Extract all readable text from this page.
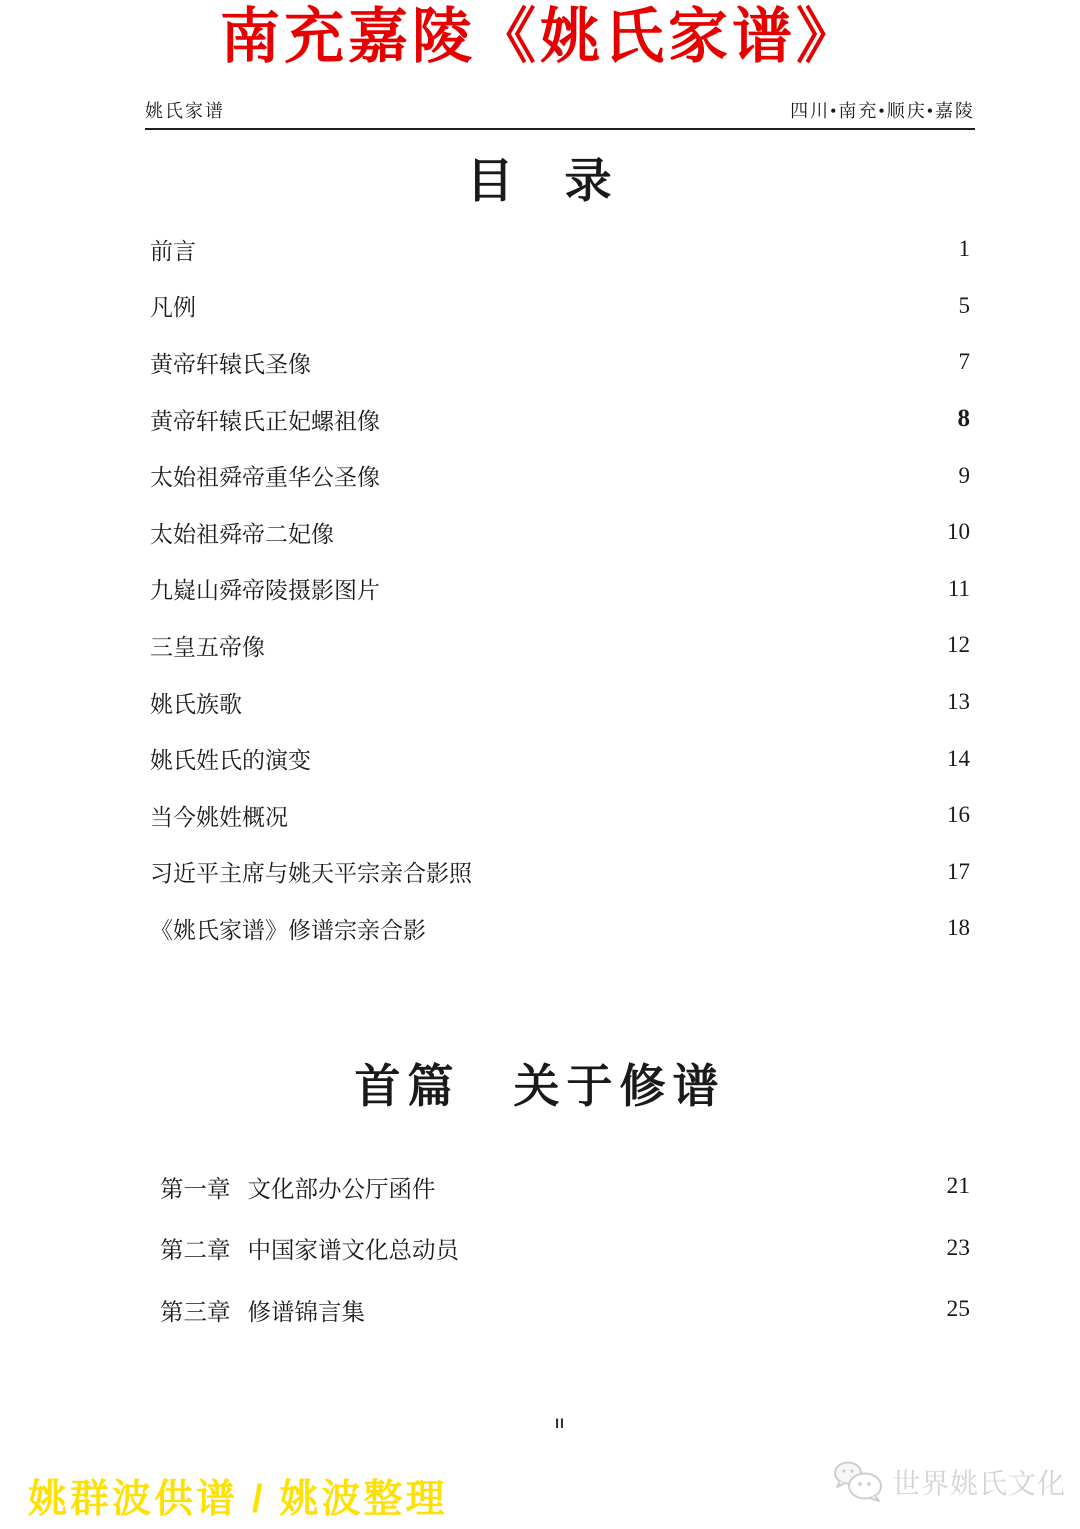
南充嘉陵《姚氏家谱》
姚氏家谱	四川•南充•顺庆•嘉陵
目　录
前言	1
凡例	5
黄帝轩辕氏圣像	7
黄帝轩辕氏正妃螺祖像	8
太始祖舜帝重华公圣像	9
太始祖舜帝二妃像	10
九嶷山舜帝陵摄影图片	11
三皇五帝像	12
姚氏族歌	13
姚氏姓氏的演变	14
当今姚姓概况	16
习近平主席与姚天平宗亲合影照	17
《姚氏家谱》修谱宗亲合影	18
首篇　关于修谱
第一章 文化部办公厅函件	21
第二章 中国家谱文化总动员	23
第三章 修谱锦言集	25
II
姚群波供谱 / 姚波整理	世界姚氏文化
